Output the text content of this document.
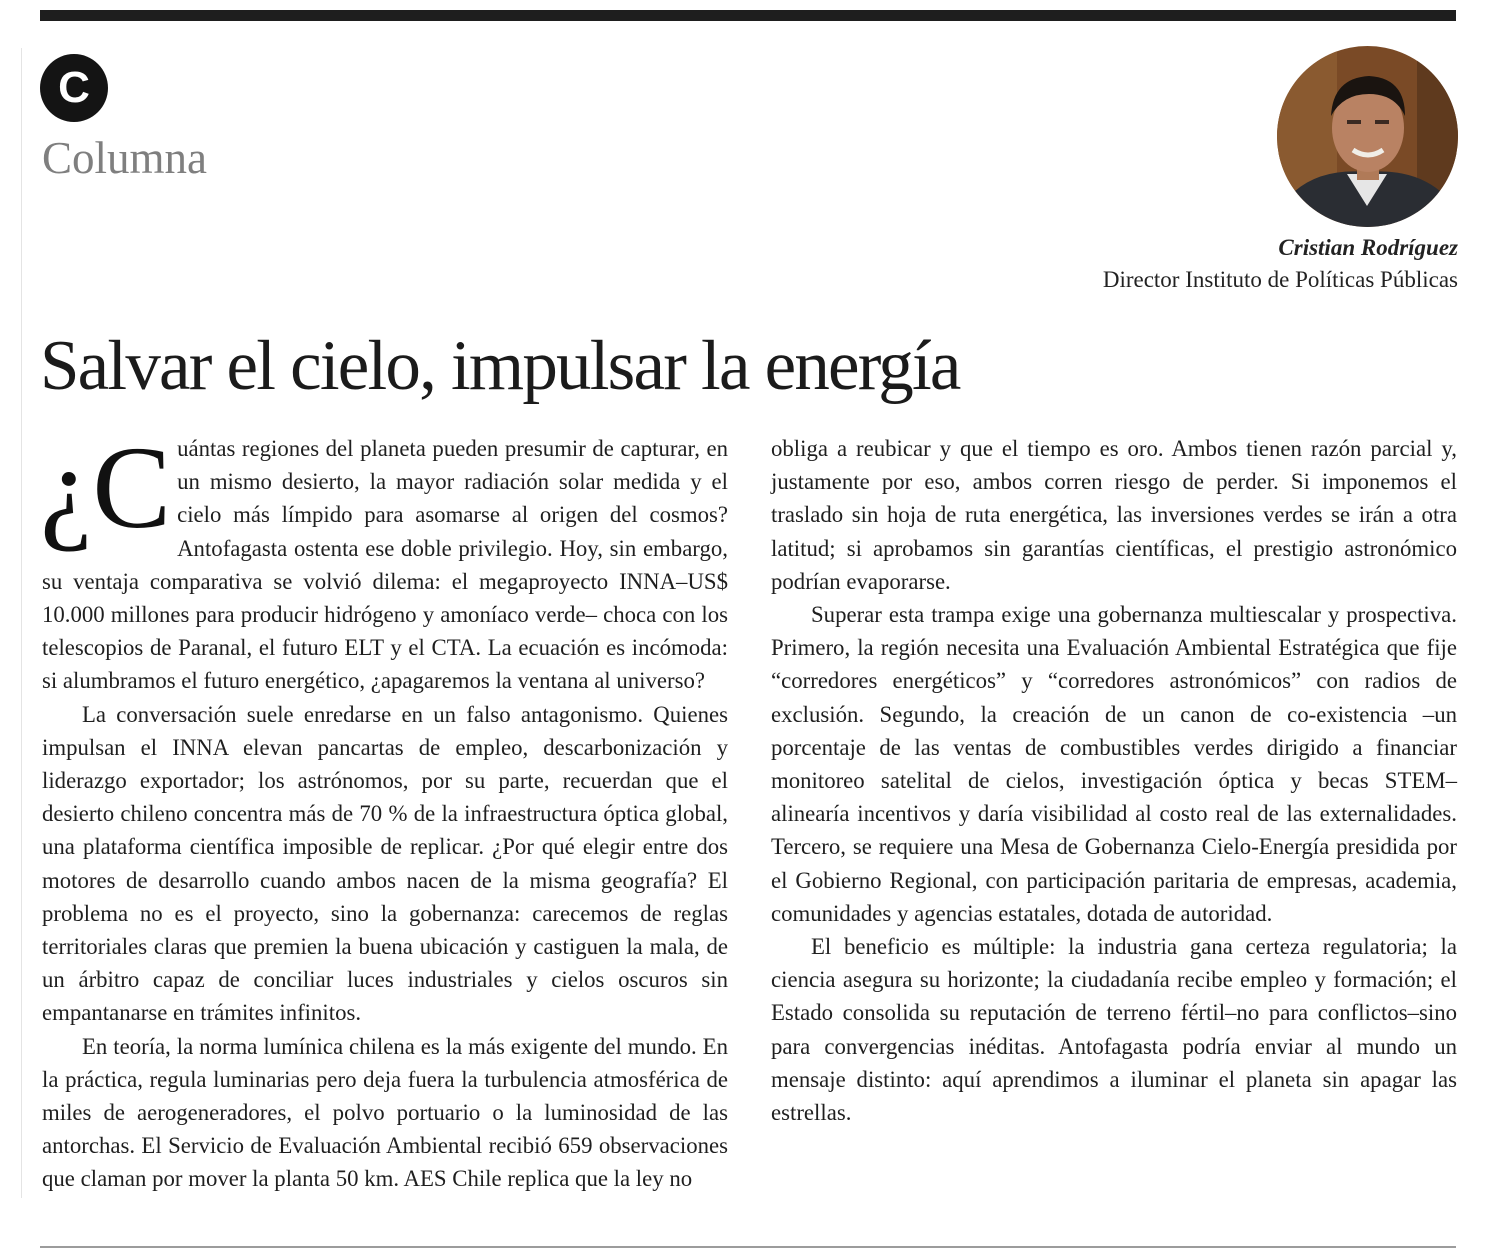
C
Columna
Cristian Rodríguez
Director Instituto de Políticas Públicas
Salvar el cielo, impulsar la energía

¿C uántas regiones del planeta pueden presumir de capturar, en un mismo desierto, la mayor radiación solar medida y el cielo más límpido para asomarse al origen del cosmos? Antofagasta ostenta ese doble privilegio. Hoy, sin embargo, su ventaja comparativa se volvió dilema: el megaproyecto INNA–US$ 10.000 millones para producir hidrógeno y amoníaco verde– choca con los telescopios de Paranal, el futuro ELT y el CTA. La ecuación es incómoda: si alumbramos el futuro energético, ¿apagaremos la ventana al universo?

La conversación suele enredarse en un falso antagonismo. Quienes impulsan el INNA elevan pancartas de empleo, descarbonización y liderazgo exportador; los astrónomos, por su parte, recuerdan que el desierto chileno concentra más de 70 % de la infraestructura óptica global, una plataforma científica imposible de replicar. ¿Por qué elegir entre dos motores de desarrollo cuando ambos nacen de la misma geografía? El problema no es el proyecto, sino la gobernanza: carecemos de reglas territoriales claras que premien la buena ubicación y castiguen la mala, de un árbitro capaz de conciliar luces industriales y cielos oscuros sin empantanarse en trámites infinitos.

En teoría, la norma lumínica chilena es la más exigente del mundo. En la práctica, regula luminarias pero deja fuera la turbulencia atmosférica de miles de aerogeneradores, el polvo portuario o la luminosidad de las antorchas. El Servicio de Evaluación Ambiental recibió 659 observaciones que claman por mover la planta 50 km. AES Chile replica que la ley no

obliga a reubicar y que el tiempo es oro. Ambos tienen razón parcial y, justamente por eso, ambos corren riesgo de perder. Si imponemos el traslado sin hoja de ruta energética, las inversiones verdes se irán a otra latitud; si aprobamos sin garantías científicas, el prestigio astronómico podrían evaporarse.

Superar esta trampa exige una gobernanza multiescalar y prospectiva. Primero, la región necesita una Evaluación Ambiental Estratégica que fije “corredores energéticos” y “corredores astronómicos” con radios de exclusión. Segundo, la creación de un canon de co-existencia –un porcentaje de las ventas de combustibles verdes dirigido a financiar monitoreo satelital de cielos, investigación óptica y becas STEM– alinearía incentivos y daría visibilidad al costo real de las externalidades. Tercero, se requiere una Mesa de Gobernanza Cielo-Energía presidida por el Gobierno Regional, con participación paritaria de empresas, academia, comunidades y agencias estatales, dotada de autoridad.

El beneficio es múltiple: la industria gana certeza regulatoria; la ciencia asegura su horizonte; la ciudadanía recibe empleo y formación; el Estado consolida su reputación de terreno fértil–no para conflictos–sino para convergencias inéditas. Antofagasta podría enviar al mundo un mensaje distinto: aquí aprendimos a iluminar el planeta sin apagar las estrellas.
